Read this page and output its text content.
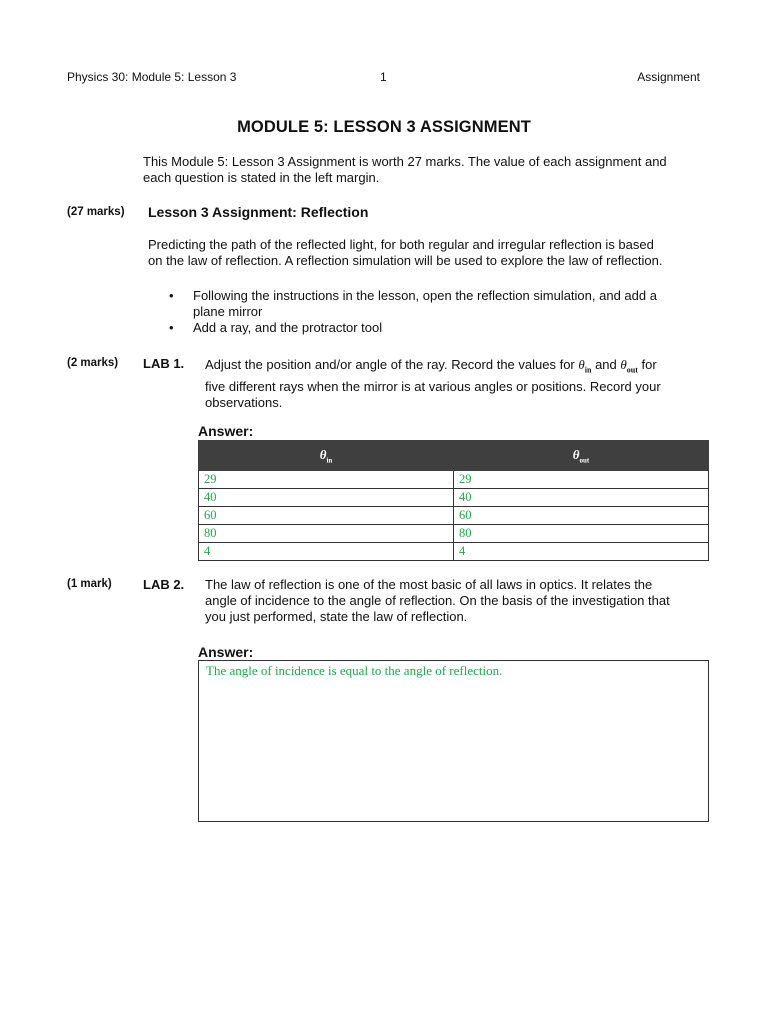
Physics 30: Module 5: Lesson 3	1	Assignment
MODULE 5: LESSON 3 ASSIGNMENT
This Module 5: Lesson 3 Assignment is worth 27 marks. The value of each assignment and
each question is stated in the left margin.
(27 marks) Lesson 3 Assignment: Reflection
Predicting the path of the reflected light, for both regular and irregular reflection is based
on the law of reflection. A reflection simulation will be used to explore the law of reflection.
• Following the instructions in the lesson, open the reflection simulation, and add a
plane mirror
• Add a ray, and the protractor tool
(2 marks) LAB 1. Adjust the position and/or angle of the ray. Record the values for $\theta_{in}$ and $\theta_{out}$ for
five different rays when the mirror is at various angles or positions. Record your
observations.
Answer:
$\theta_{in}$	$\theta_{out}$
29	29
40	40
60	60
80	80
4	4
(1 mark) LAB 2. The law of reflection is one of the most basic of all laws in optics. It relates the
angle of incidence to the angle of reflection. On the basis of the investigation that
you just performed, state the law of reflection.
Answer:
The angle of incidence is equal to the angle of reflection.
